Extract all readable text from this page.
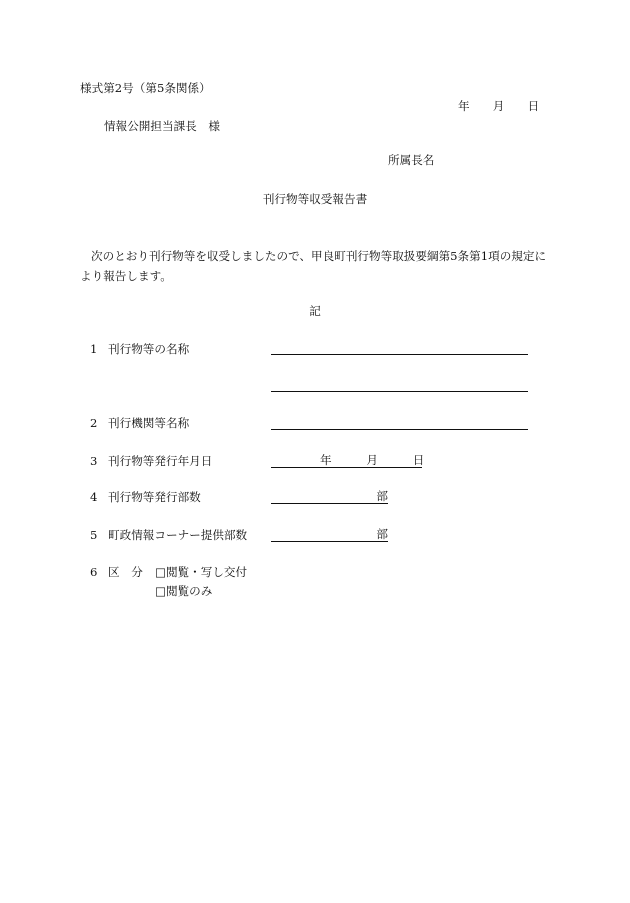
様式第2号（第5条関係）
年　　月　　日
情報公開担当課長　様
所属長名
刊行物等収受報告書
次のとおり刊行物等を収受しましたので、甲良町刊行物等取扱要綱第5条第1項の規定に
より報告します。
記
1 刊行物等の名称
2 刊行機関等名称
3 刊行物等発行年月日	年　　　月　　　日
4 刊行物等発行部数	部
5 町政情報コーナー提供部数	部
6 区　分 □閲覧・写し交付
□閲覧のみ
